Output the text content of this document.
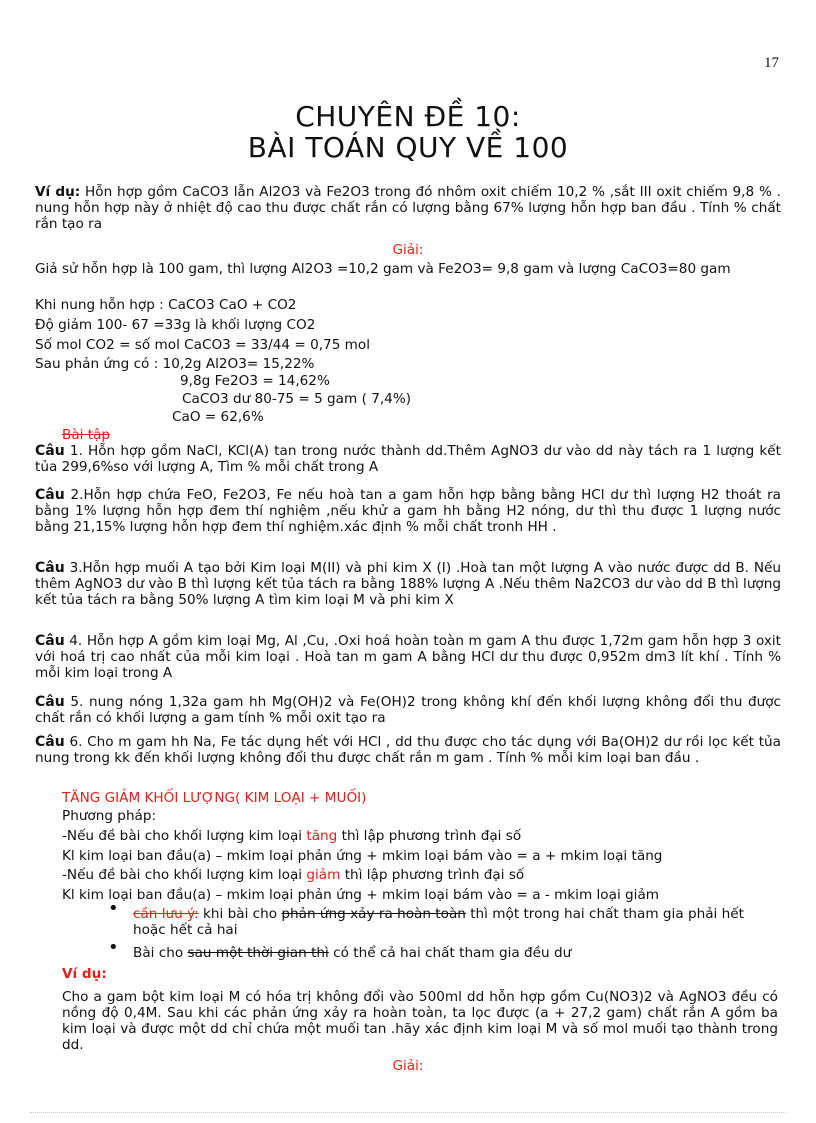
17
CHUYÊN ĐỀ 10:
BÀI TOÁN QUY VỀ 100
Ví dụ: Hỗn hợp gồm CaCO3 lẫn Al2O3 và Fe2O3 trong đó nhôm oxit chiếm 10,2 % ,sắt III oxit chiếm 9,8 % . nung hỗn hợp này ở nhiệt độ cao thu được chất rắn có lượng bằng 67% lượng hỗn hợp ban đầu . Tính % chất rắn tạo ra
Giải:
Giả sử hỗn hợp là 100 gam, thì lượng Al2O3 =10,2 gam và Fe2O3= 9,8 gam và lượng CaCO3=80 gam
Khi nung hỗn hợp : CaCO3 CaO + CO2
Độ giảm 100- 67 =33g là khối lượng CO2
Số mol CO2 = số mol CaCO3 = 33/44 = 0,75 mol
Sau phản ứng có : 10,2g Al2O3= 15,22%
9,8g Fe2O3 = 14,62%
CaCO3 dư 80-75 = 5 gam ( 7,4%)
CaO = 62,6%
Bài tập
Câu 1. Hỗn hợp gồm NaCl, KCl(A) tan trong nước thành dd.Thêm AgNO3 dư vào dd này tách ra 1 lượng kết tủa 299,6%so với lượng A, Tìm % mỗi chất trong A
Câu 2.Hỗn hợp chứa FeO, Fe2O3, Fe nếu hoà tan a gam hỗn hợp bằng bằng HCl dư thì lượng H2 thoát ra bằng 1% lượng hỗn hợp đem thí nghiệm ,nếu khử a gam hh bằng H2 nóng, dư thì thu được 1 lượng nước bằng 21,15% lượng hỗn hợp đem thí nghiệm.xác định % mỗi chất tronh HH .
Câu 3.Hỗn hợp muối A tạo bởi Kim loại M(II) và phi kim X (I) .Hoà tan một lượng A vào nước được dd B. Nếu thêm AgNO3 dư vào B thì lượng kết tủa tách ra bằng 188% lượng A .Nếu thêm Na2CO3 dư vào dd B thì lượng kết tủa tách ra bằng 50% lượng A tìm kim loại M và phi kim X
Câu 4. Hỗn hợp A gồm kim loại Mg, Al ,Cu, .Oxi hoá hoàn toàn m gam A thu được 1,72m gam hỗn hợp 3 oxit với hoá trị cao nhất của mỗi kim loại . Hoà tan m gam A bằng HCl dư thu được 0,952m dm3 lít khí . Tính % mỗi kim loại trong A
Câu 5. nung nóng 1,32a gam hh Mg(OH)2 và Fe(OH)2 trong không khí đến khối lượng không đổi thu được chất rắn có khối lượng a gam tính % mỗi oxit tạo ra
Câu 6. Cho m gam hh Na, Fe tác dụng hết với HCl , dd thu được cho tác dụng với Ba(OH)2 dư rồi lọc kết tủa nung trong kk đến khối lượng không đổi thu được chất rắn m gam . Tính % mỗi kim loại ban đầu .
TĂNG GIẢM KHỐI LƯỢNG( KIM LOẠI + MUỐI)
Phương pháp:
-Nếu đề bài cho khối lượng kim loại tăng thì lập phương trình đại số
Kl kim loại ban đầu(a) – mkim loại phản ứng + mkim loại bám vào = a + mkim loại tăng
-Nếu đề bài cho khối lượng kim loại giảm thì lập phương trình đại số
Kl kim loại ban đầu(a) – mkim loại phản ứng + mkim loại bám vào = a - mkim loại giảm
• cần lưu ý: khi bài cho phản ứng xảy ra hoàn toàn thì một trong hai chất tham gia phải hết hoặc hết cả hai
• Bài cho sau một thời gian thì có thể cả hai chất tham gia đều dư
Ví dụ:
Cho a gam bột kim loại M có hóa trị không đổi vào 500ml dd hỗn hợp gồm Cu(NO3)2 và AgNO3 đều có nồng độ 0,4M. Sau khi các phản ứng xảy ra hoàn toàn, ta lọc được (a + 27,2 gam) chất rắn A gồm ba kim loại và được một dd chỉ chứa một muối tan .hãy xác định kim loại M và số mol muối tạo thành trong dd.
Giải:
